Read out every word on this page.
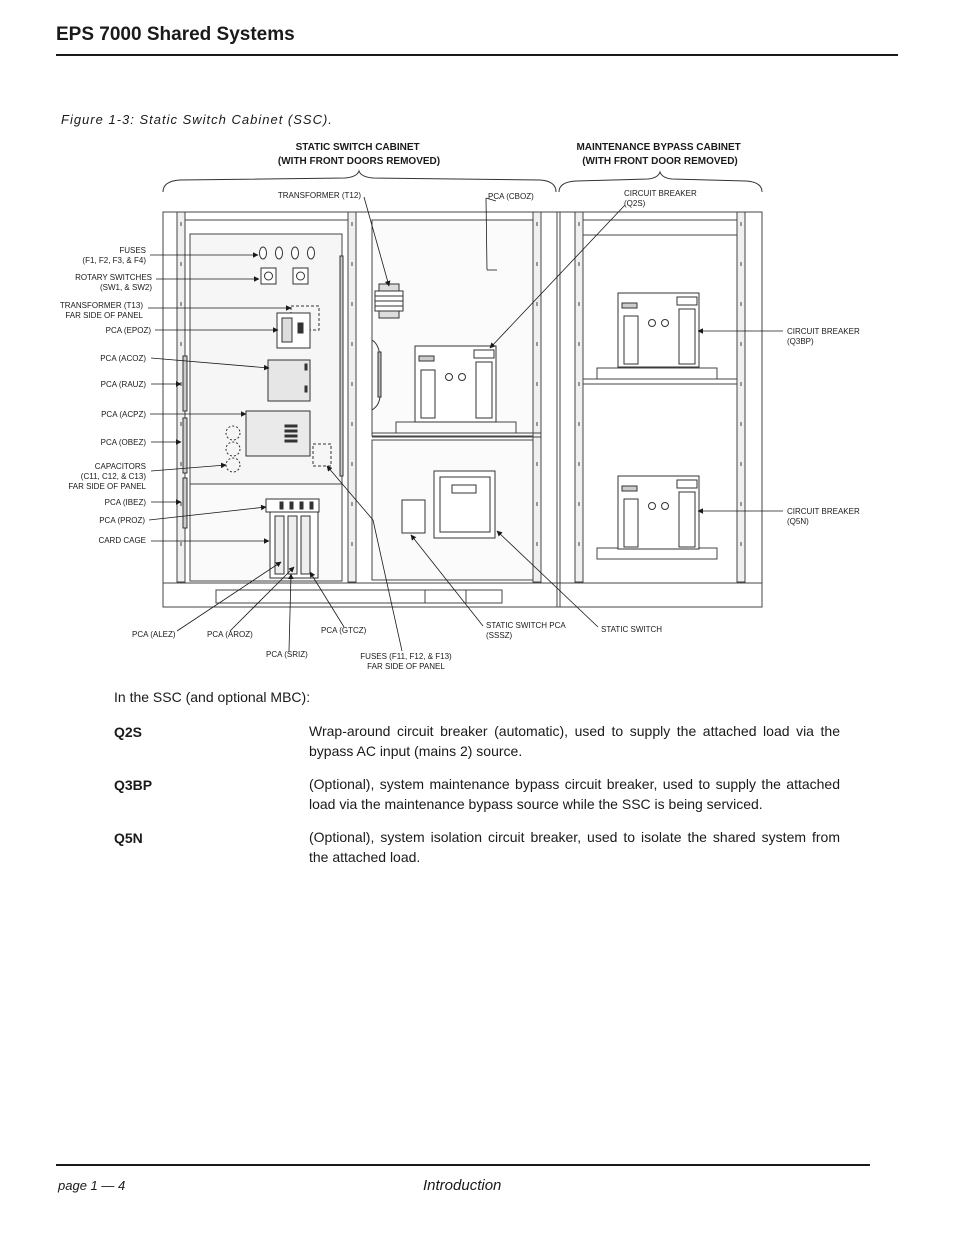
EPS 7000 Shared Systems
Figure 1-3: Static Switch Cabinet (SSC).
STATIC SWITCH CABINET (WITH FRONT DOORS REMOVED)
MAINTENANCE BYPASS CABINET (WITH FRONT DOOR REMOVED)
FUSES (F1, F2, F3, & F4)
ROTARY SWITCHES (SW1, & SW2)
TRANSFORMER (T13) FAR SIDE OF PANEL
PCA (EPOZ)
PCA (ACOZ)
PCA (RAUZ)
PCA (ACPZ)
PCA (OBEZ)
CAPACITORS (C11, C12, & C13) FAR SIDE OF PANEL
PCA (IBEZ)
PCA (PROZ)
CARD CAGE
TRANSFORMER (T12)	PCA (CBOZ)	CIRCUIT BREAKER (Q2S)
CIRCUIT BREAKER (Q3BP)
CIRCUIT BREAKER (Q5N)
PCA (ALEZ)	PCA (AROZ)
PCA (SRIZ)
PCA (GTCZ)
FUSES (F11, F12, & F13) FAR SIDE OF PANEL
STATIC SWITCH PCA (SSSZ)
STATIC SWITCH
In the SSC (and optional MBC):
Q2S	Wrap-around circuit breaker (automatic), used to supply the attached load via the bypass AC input (mains 2) source.
Q3BP	(Optional), system maintenance bypass circuit breaker, used to supply the attached load via the maintenance bypass source while the SSC is being serviced.
Q5N	(Optional), system isolation circuit breaker, used to isolate the shared system from the attached load.
page 1 — 4	Introduction
